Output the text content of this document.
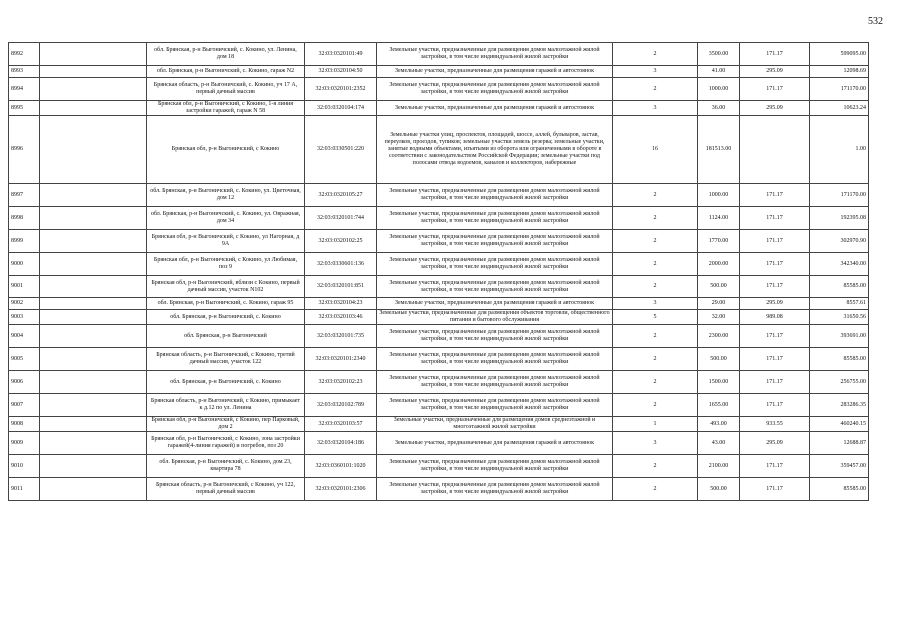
532
8992		обл. Брянская, р-н Выгоничский, с. Кокино, ул. Ленина, дом 18	32:03:0320101:49	Земельные участки, предназначенные для размещения домов малоэтажной жилой застройки, в том числе индивидуальной жилой застройки	2	3500.00	171.17	599095.00
8993		обл. Брянская, р-н Выгоничский, с. Кокино, гараж N2	32:03:0320104:50	Земельные участки, предназначенные для размещения гаражей и автостоянок	3	41.00	295.09	12098.69
8994		Брянская область, р-н Выгоничский, с. Кокино, уч 17 А, первый дачный массив	32:03:0320101:2352	Земельные участки, предназначенные для размещения домов малоэтажной жилой застройки, в том числе индивидуальной жилой застройки	2	1000.00	171.17	171170.00
8995		Брянская обл, р-н Выгоничский, с Кокино, 1-я линия застройки гаражей, гараж N 58	32:03:0320104:174	Земельные участки, предназначенные для размещения гаражей и автостоянок	3	36.00	295.09	10623.24
8996		Брянская обл, р-н Выгоничский, с Кокино	32:03:0330501:220	Земельные участки улиц, проспектов, площадей, шоссе, аллей, бульваров, застав, переулков, проездов, тупиков; земельные участки земель резерва; земельные участки, занятые водными объектами, изъятыми из оборота или ограниченными в обороте в соответствии с законодательством Российской Федерации; земельные участки под полосами отвода водоемов, каналов и коллекторов, набережные	16	181513.00		1.00
8997		обл. Брянская, р-н Выгоничский, с. Кокино, ул. Цветочная, дом 12	32:03:0320105:27	Земельные участки, предназначенные для размещения домов малоэтажной жилой застройки, в том числе индивидуальной жилой застройки	2	1000.00	171.17	171170.00
8998		обл. Брянская, р-н Выгоничский, с. Кокино, ул. Овражная, дом 34	32:03:0320101:744	Земельные участки, предназначенные для размещения домов малоэтажной жилой застройки, в том числе индивидуальной жилой застройки	2	1124.00	171.17	192395.08
8999		Брянская обл, р-н Выгоничский, с Кокино, ул Нагорная, д 9А	32:03:0320102:25	Земельные участки, предназначенные для размещения домов малоэтажной жилой застройки, в том числе индивидуальной жилой застройки	2	1770.00	171.17	302970.90
9000		Брянская обл, р-н Выгоничский, с Кокино, ул Любимая, поз 9	32:03:0330601:136	Земельные участки, предназначенные для размещения домов малоэтажной жилой застройки, в том числе индивидуальной жилой застройки	2	2000.00	171.17	342340.00
9001		Брянская обл, р-н Выгоничский, вблизи с Кокино, первый дачный массив, участок N102	32:03:0320101:851	Земельные участки, предназначенные для размещения домов малоэтажной жилой застройки, в том числе индивидуальной жилой застройки	2	500.00	171.17	85585.00
9002		обл. Брянская, р-н Выгоничский, с. Кокино, гараж 95	32:03:0320104:23	Земельные участки, предназначенные для размещения гаражей и автостоянок	3	29.00	295.09	8557.61
9003		обл. Брянская, р-н Выгоничский, с. Кокино	32:03:0320103:46	Земельные участки, предназначенные для размещения объектов торговли, общественного питания и бытового обслуживания	5	32.00	989.08	31650.56
9004		обл. Брянская, р-н Выгоничский	32:03:0320101:735	Земельные участки, предназначенные для размещения домов малоэтажной жилой застройки, в том числе индивидуальной жилой застройки	2	2300.00	171.17	393691.00
9005		Брянская область, р-н Выгоничский, с Кокино, третий дачный массив, участок 122	32:03:0320101:2340	Земельные участки, предназначенные для размещения домов малоэтажной жилой застройки, в том числе индивидуальной жилой застройки	2	500.00	171.17	85585.00
9006		обл. Брянская, р-н Выгоничский, с. Кокино	32:03:0320102:23	Земельные участки, предназначенные для размещения домов малоэтажной жилой застройки, в том числе индивидуальной жилой застройки	2	1500.00	171.17	256755.00
9007		Брянская область, р-н Выгоничский, с Кокино, примыкает к д.12 по ул. Ленина	32:03:0320102:789	Земельные участки, предназначенные для размещения домов малоэтажной жилой застройки, в том числе индивидуальной жилой застройки	2	1655.00	171.17	283286.35
9008		Брянская обл, р-н Выгоничский, с Кокино, пер Парковый, дом 2	32:03:0320103:57	Земельные участки, предназначенные для размещения домов среднеэтажной и многоэтажной жилой застройки	1	493.00	933.55	460240.15
9009		Брянская обл, р-н Выгоничский, с Кокино, зона застройки гаражей(4-линия гаражей) и погребов, поз 20	32:03:0320104:186	Земельные участки, предназначенные для размещения гаражей и автостоянок	3	43.00	295.09	12688.87
9010		обл. Брянская, р-н Выгоничский, с. Кокино, дом 23, квартира 78	32:03:0360101:1020	Земельные участки, предназначенные для размещения домов малоэтажной жилой застройки, в том числе индивидуальной жилой застройки	2	2100.00	171.17	359457.00
9011		Брянская область, р-н Выгоничский, с Кокино, уч 122, первый дачный массив	32:03:0320101:2306	Земельные участки, предназначенные для размещения домов малоэтажной жилой застройки, в том числе индивидуальной жилой застройки	2	500.00	171.17	85585.00
